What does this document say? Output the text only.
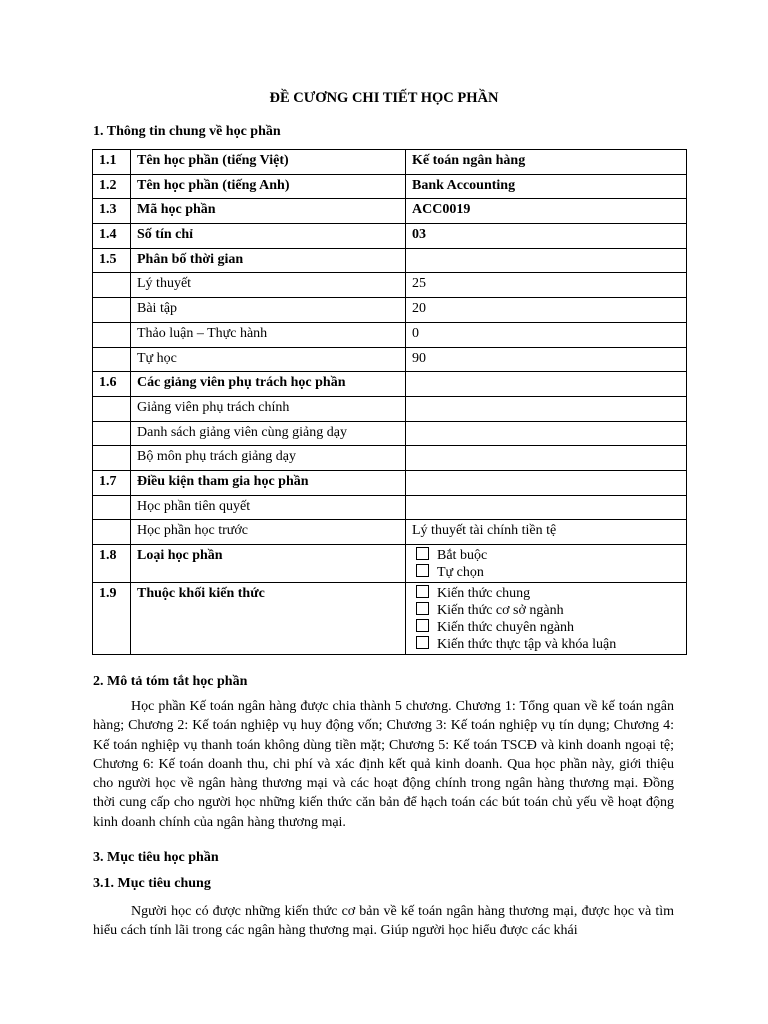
ĐỀ CƯƠNG CHI TIẾT HỌC PHẦN
1. Thông tin chung về học phần
1.1	Tên học phần (tiếng Việt)	Kế toán ngân hàng
1.2	Tên học phần (tiếng Anh)	Bank Accounting
1.3	Mã học phần	ACC0019
1.4	Số tín chỉ	03
1.5	Phân bố thời gian	
	Lý thuyết	25
	Bài tập	20
	Thảo luận – Thực hành	0
	Tự học	90
1.6	Các giảng viên phụ trách học phần	
	Giảng viên phụ trách chính	
	Danh sách giảng viên cùng giảng dạy	
	Bộ môn phụ trách giảng dạy	
1.7	Điều kiện tham gia học phần	
	Học phần tiên quyết	
	Học phần học trước	Lý thuyết tài chính tiền tệ
1.8	Loại học phần	Bắt buộc
Tự chọn

1.9	Thuộc khối kiến thức	Kiến thức chung
Kiến thức cơ sở ngành
Kiến thức chuyên ngành
Kiến thức thực tập và khóa luận
2. Mô tả tóm tắt học phần
Học phần Kế toán ngân hàng được chia thành 5 chương. Chương 1: Tổng quan về kế toán ngân hàng; Chương 2: Kế toán nghiệp vụ huy động vốn; Chương 3: Kế toán nghiệp vụ tín dụng; Chương 4: Kế toán nghiệp vụ thanh toán không dùng tiền mặt; Chương 5: Kế toán TSCĐ và kinh doanh ngoại tệ; Chương 6: Kế toán doanh thu, chi phí và xác định kết quả kinh doanh. Qua học phần này, giới thiệu cho người học về ngân hàng thương mại và các hoạt động chính trong ngân hàng thương mại. Đồng thời cung cấp cho người học những kiến thức căn bản để hạch toán các bút toán chủ yếu về hoạt động kinh doanh chính của ngân hàng thương mại.
3. Mục tiêu học phần
3.1. Mục tiêu chung
Người học có được những kiến thức cơ bản về kế toán ngân hàng thương mại, được học và tìm hiểu cách tính lãi trong các ngân hàng thương mại. Giúp người học hiểu được các khái
